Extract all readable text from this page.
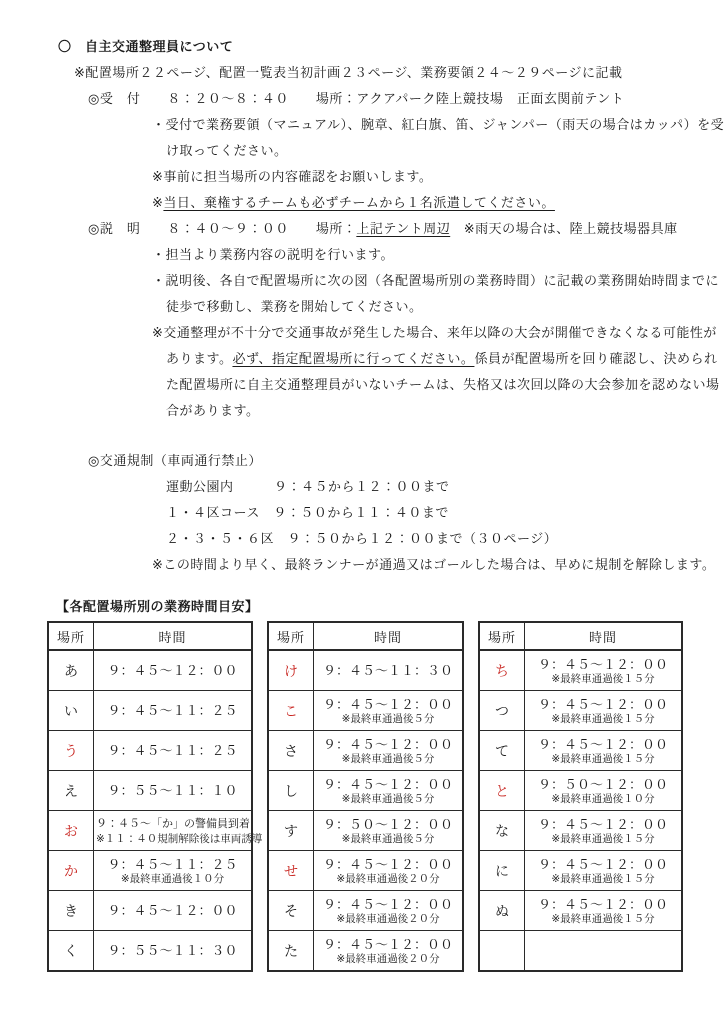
〇　自主交通整理員について
※配置場所２２ページ、配置一覧表当初計画２３ページ、業務要領２４～２９ページに記載
◎受　付　　８：２０～８：４０　　場所：アクアパーク陸上競技場　正面玄関前テント
・受付で業務要領（マニュアル）、腕章、紅白旗、笛、ジャンパー（雨天の場合はカッパ）を受
け取ってください。
※事前に担当場所の内容確認をお願いします。
※当日、棄権するチームも必ずチームから１名派遣してください。
◎説　明　　８：４０～９：００　　場所：上記テント周辺　※雨天の場合は、陸上競技場器具庫
・担当より業務内容の説明を行います。
・説明後、各自で配置場所に次の図（各配置場所別の業務時間）に記載の業務開始時間までに
徒歩で移動し、業務を開始してください。
※交通整理が不十分で交通事故が発生した場合、来年以降の大会が開催できなくなる可能性が
あります。必ず、指定配置場所に行ってください。係員が配置場所を回り確認し、決められ
た配置場所に自主交通整理員がいないチームは、失格又は次回以降の大会参加を認めない場
合があります。
◎交通規制（車両通行禁止）
運動公園内　　　９：４５から１２：００まで
１・４区コース　９：５０から１１：４０まで
２・３・５・６区　９：５０から１２：００まで（３０ページ）
※この時間より早く、最終ランナーが通過又はゴールした場合は、早めに規制を解除します。
【各配置場所別の業務時間目安】
場所	時間
あ	９：４５～１２：００

い	９：４５～１１：２５

う	９：４５～１１：２５

え	９：５５～１１：１０

お	９：４５～「か」の警備員到着
※１１：４０規制解除後は車両誘導

か	９：４５～１１：２５
※最終車通過後１０分

き	９：４５～１２：００

く	９：５５～１１：３０
場所	時間
け	９：４５～１１：３０

こ	９：４５～１２：００
※最終車通過後５分

さ	９：４５～１２：００
※最終車通過後５分

し	９：４５～１２：００
※最終車通過後５分

す	９：５０～１２：００
※最終車通過後５分

せ	９：４５～１２：００
※最終車通過後２０分

そ	９：４５～１２：００
※最終車通過後２０分

た	９：４５～１２：００
※最終車通過後２０分
場所	時間
ち	９：４５～１２：００
※最終車通過後１５分

つ	９：４５～１２：００
※最終車通過後１５分

て	９：４５～１２：００
※最終車通過後１５分

と	９：５０～１２：００
※最終車通過後１０分

な	９：４５～１２：００
※最終車通過後１５分

に	９：４５～１２：００
※最終車通過後１５分

ぬ	９：４５～１２：００
※最終車通過後１５分
